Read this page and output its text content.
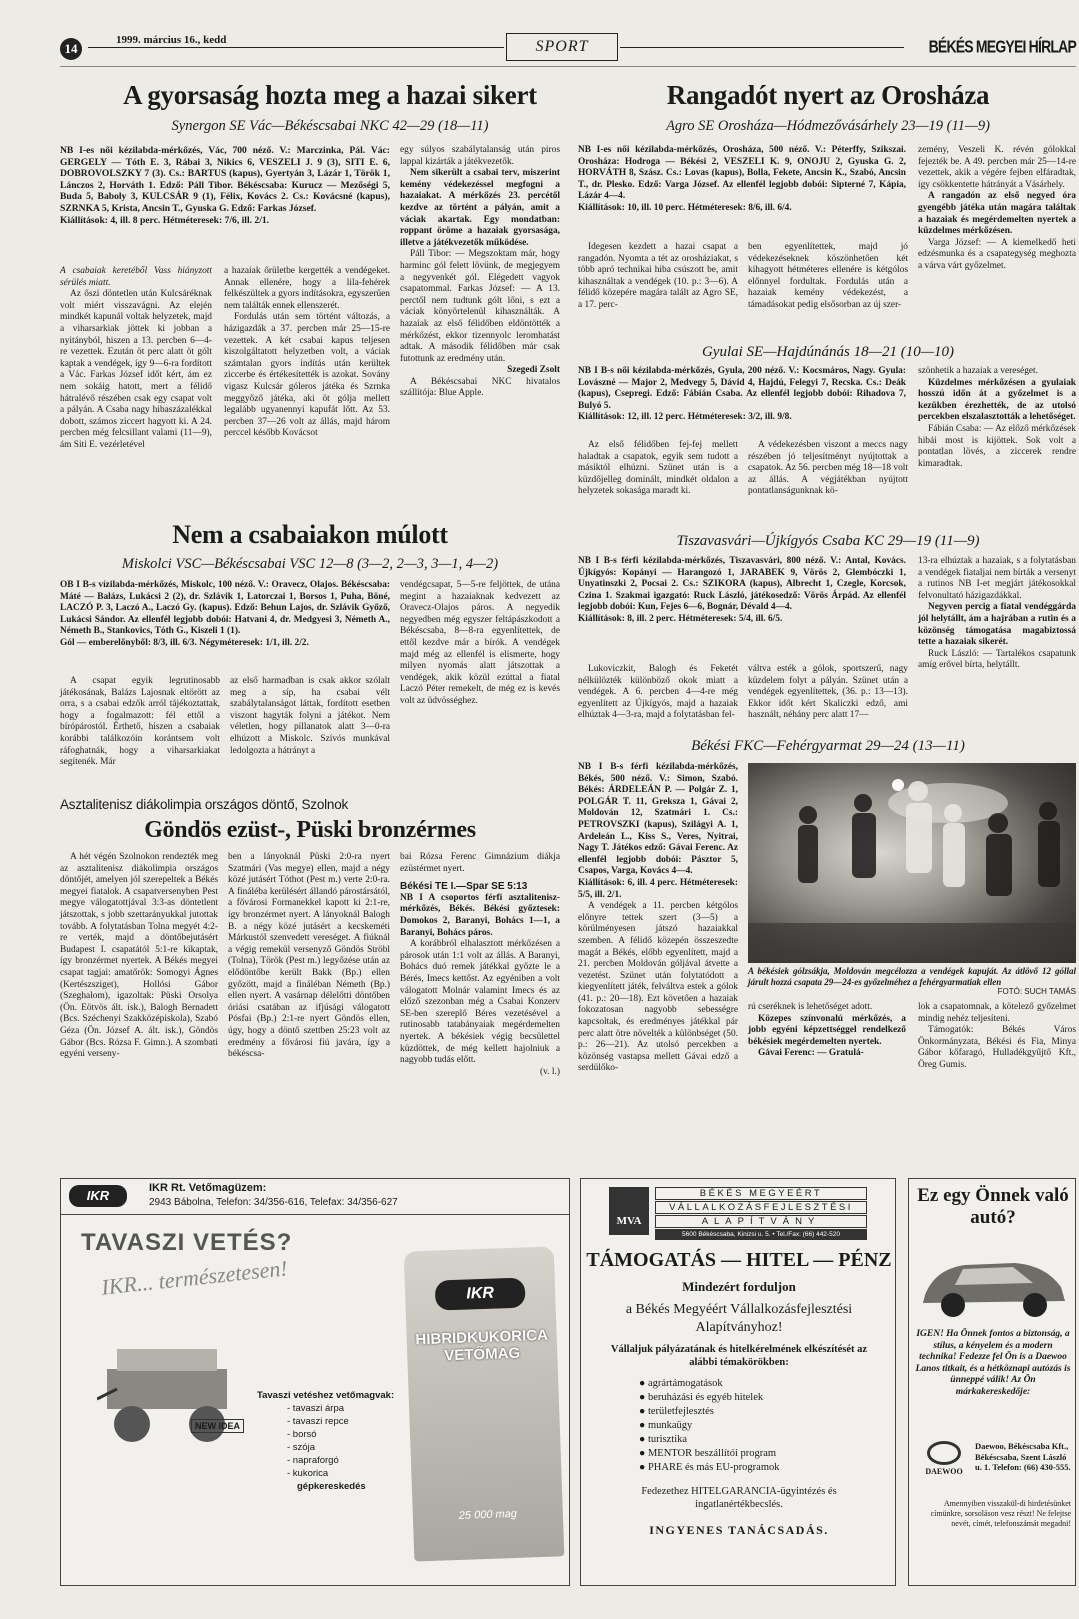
14
1999. március 16., kedd	SPORT	BÉKÉS MEGYEI HÍRLAP
A gyorsaság hozta meg a hazai sikert
Synergon SE Vác—Békéscsabai NKC 42—29 (18—11)

NB I-es női kézilabda-mérkőzés, Vác, 700 néző. V.: Marczinka, Pál. Vác: GERGELY — Tóth E. 3, Rábai 3, Nikics 6, VESZELI J. 9 (3), SITI E. 6, DOBROVOLSZKY 7 (3). Cs.: BARTUS (kapus), Gyertyán 3, Lázár 1, Török 1, Lánczos 2, Horváth 1. Edző: Páll Tibor. Békéscsaba: Kurucz — Mezőségi 5, Buda 5, Baboly 3, KULCSÁR 9 (1), Félix, Kovács 2. Cs.: Kovácsné (kapus), SZRNKA 5, Krista, Ancsin T., Gyuska G. Edző: Farkas József.

Kiállítások: 4, ill. 8 perc. Hétméteresek: 7/6, ill. 2/1.

A csabaiak keretéből Vass hiányzott sérülés miatt.

Az őszi döntetlen után Kulcsáréknak volt miért visszavágni. Az elején mindkét kapunál voltak helyzetek, majd a viharsarkiak jöttek ki jobban a nyitányból, hiszen a 13. percben 6—4-re vezettek. Ezután öt perc alatt öt gólt kaptak a vendégek, így 9—6-ra fordított a Vác. Farkas József időt kért, ám ez nem sokáig hatott, mert a félidő hátralévő részében csak egy csapat volt a pályán. A Csaba nagy hibaszázalékkal dobott, számos ziccert hagyott ki. A 24. percben még felcsillant valami (11—9), ám Siti E. vezérletével

a hazaiak őrületbe kergették a vendégeket. Annak ellenére, hogy a lila-fehérek felkészültek a gyors indításokra, egyszerűen nem találták ennek ellenszerét.

Fordulás után sem történt változás, a házigazdák a 37. percben már 25—15-re vezettek. A két csabai kapus teljesen kiszolgáltatott helyzetben volt, a váciak számtalan gyors indítás után kerültek ziccerbe és értékesítették is azokat. Sovány vigasz Kulcsár góleros játéka és Szrnka meggyőző játéka, aki öt gólja mellett legalább ugyanennyi kapufát lőtt. Az 53. percben 37—26 volt az állás, majd három perccel később Kovácsot

egy súlyos szabálytalanság után piros lappal kizárták a játékvezetők.

Nem sikerült a csabai terv, miszerint kemény védekezéssel megfogni a hazaiakat. A mérkőzés 23. percétől kezdve az történt a pályán, amit a váciak akartak. Egy mondatban: roppant öröme a hazaiak gyorsasága, illetve a játékvezetők működése.

Páll Tibor: — Megszoktam már, hogy harminc gól felett lövünk, de megjegyem a negyvenkét gól. Elégedett vagyok csapatommal. Farkas József: — A 13. perctől nem tudtunk gólt lőni, s ezt a váciak könyörtelenül kihasználták. A hazaiak az első félidőben eldöntötték a mérkőzést, ekkor tizennyolc leromhatást adtak. A második félidőben már csak futottunk az eredmény után.

Szegedi Zsolt

A Békéscsabai NKC hivatalos szállítója: Blue Apple.

Rangadót nyert az Orosháza
Agro SE Orosháza—Hódmezővásárhely 23—19 (11—9)

NB I-es női kézilabda-mérkőzés, Orosháza, 500 néző. V.: Péterffy, Szikszai. Orosháza: Hodroga — Békési 2, VESZELI K. 9, ONOJU 2, Gyuska G. 2, HORVÁTH 8, Szász. Cs.: Lovas (kapus), Bolla, Fekete, Ancsin K., Szabó, Ancsin T., dr. Plesko. Edző: Varga József. Az ellenfél legjobb dobói: Sipterné 7, Kápia, Lázár 4—4.

Kiállítások: 10, ill. 10 perc. Hétméteresek: 8/6, ill. 6/4.

Idegesen kezdett a hazai csapat a rangadón. Nyomta a tét az orosháziakat, s több apró technikai hiba csúszott be, amit kihasználtak a vendégek (10. p.: 3—6). A félidő közepére magára talált az Agro SE, a 17. perc-

ben egyenlítettek, majd jó védekezéseknek köszönhetően két kihagyott hétméteres ellenére is kétgólos előnnyel fordultak. Fordulás után a hazaiak kemény védekezést, a támadásokat pedig elsősorban az új szer-

zemény, Veszeli K. révén gólokkal fejezték be. A 49. percben már 25—14-re vezettek, akik a végére fejben elfáradtak, így csökkentette hátrányát a Vásárhely.

A rangadón az első negyed óra gyengébb játéka után magára találtak a hazaiak és megérdemelten nyertek a küzdelmes mérkőzésen.

Varga József: — A kiemelkedő heti edzésmunka és a csapategység meghozta a várva várt győzelmet.

Gyulai SE—Hajdúnánás 18—21 (10—10)

NB I B-s női kézilabda-mérkőzés, Gyula, 200 néző. V.: Kocsmáros, Nagy. Gyula: Lovászné — Major 2, Medvegy 5, Dávid 4, Hajdú, Felegyi 7, Recska. Cs.: Deák (kapus), Csepregi. Edző: Fábián Csaba. Az ellenfél legjobb dobói: Rihadova 7, Bulyó 5.

Kiállítások: 12, ill. 12 perc. Hétméteresek: 3/2, ill. 9/8.

Az első félidőben fej-fej mellett haladtak a csapatok, egyik sem tudott a másiktól elhúzni. Szünet után is a küzdőjelleg dominált, mindkét oldalon a helyzetek sokasága maradt ki.

A védekezésben viszont a meccs nagy részében jó teljesítményt nyújtottak a csapatok. Az 56. percben még 18—18 volt az állás. A végjátékban nyújtott pontatlanságunknak kö-

szönhetik a hazaiak a vereséget.

Küzdelmes mérkőzésen a gyulaiak hosszú időn át a győzelmet is a kezükben érezhették, de az utolsó percekben elszalasztották a lehetőséget.

Fábián Csaba: — Az előző mérkőzések hibái most is kijöttek. Sok volt a pontatlan lövés, a ziccerek rendre kimaradtak.

Nem a csabaiakon múlott
Miskolci VSC—Békéscsabai VSC 12—8 (3—2, 2—3, 3—1, 4—2)

OB I B-s vízilabda-mérkőzés, Miskolc, 100 néző. V.: Oravecz, Olajos. Békéscsaba: Máté — Balázs, Lukácsi 2 (2), dr. Szlávik 1, Latorczai 1, Borsos 1, Puha, Böné, LACZÓ P. 3, Laczó A., Laczó Gy. (kapus). Edző: Behun Lajos, dr. Szlávik Győző, Lukácsi Sándor. Az ellenfél legjobb dobói: Hatvani 4, dr. Medgyesi 3, Németh A., Németh B., Stankovics, Tóth G., Kiszeli 1 (1).

Gól — emberelőnyből: 8/3, ill. 6/3. Négyméteresek: 1/1, ill. 2/2.

A csapat egyik legrutinosabb játékosának, Balázs Lajosnak eltörött az orra, s a csabai edzők arról tájékoztattak, hogy a fogalmazott: fél ettől a bírópárostól. Érthető, hiszen a csabaiak korábbi találkozóin korántsem volt ráfoghatnák, hogy a viharsarkiakat segítenék. Már

az első harmadban is csak akkor szólalt meg a síp, ha csabai vélt szabálytalanságot láttak, fordított esetben viszont hagyták folyni a játékot. Nem véletlen, hogy pillanatok alatt 3—0-ra elhúzott a Miskolc. Szívós munkával ledolgozta a hátrányt a

vendégcsapat, 5—5-re feljöttek, de utána megint a hazaiaknak kedvezett az Oravecz-Olajos páros. A negyedik negyedben még egyszer feltápászkodott a Békéscsaba, 8—8-ra egyenlítettek, de ettől kezdve már a bírók. A vendégek majd még az ellenfél is elismerte, hogy milyen nyomás alatt játszottak a vendégek, akik közül ezúttal a fiatal Laczó Péter remekelt, de még ez is kevés volt az üdvösséghez.

Tiszavasvári—Újkígyós Csaba KC 29—19 (11—9)

NB I B-s férfi kézilabda-mérkőzés, Tiszavasvári, 800 néző. V.: Antal, Kovács. Újkígyós: Kopányi — Harangozó 1, JARABEK 9, Vörös 2, Glembóczki 1, Unyatinszki 2, Pocsai 2. Cs.: SZIKORA (kapus), Albrecht 1, Czegle, Korcsok, Czina 1. Szakmai igazgató: Ruck László, játékosedző: Vörös Árpád. Az ellenfél legjobb dobói: Kun, Fejes 6—6, Bognár, Dévald 4—4.

Kiállítások: 8, ill. 2 perc. Hétméteresek: 5/4, ill. 6/5.

Lukoviczkit, Balogh és Feketét nélkülözték különböző okok miatt a vendégek. A 6. percben 4—4-re még egyenlített az Újkígyós, majd a hazaiak elhúztak 4—3-ra, majd a folytatásban fel-

váltva esték a gólok, sportszerű, nagy küzdelem folyt a pályán. Szünet után a vendégek egyenlítettek, (36. p.: 13—13). Ekkor időt kért Skaliczki edző, ami használt, néhány perc alatt 17—

13-ra elhúztak a hazaiak, s a folytatásban a vendégek fiataljai nem bírták a versenyt a rutinos NB I-et megjárt játékosokkal felvonultató házigazdákkal.

Negyven percig a fiatal vendéggárda jól helytállt, ám a hajrában a rutin és a közönség támogatása magabiztossá tette a hazaiak sikerét.

Ruck László: — Tartalékos csapatunk amíg erővel bírta, helytállt.

Asztalitenisz diákolimpia országos döntő, Szolnok
Göndös ezüst-, Püski bronzérmes

A hét végén Szolnokon rendezték meg az asztalitenisz diákolimpia országos döntőjét, amelyen jól szerepeltek a Békés megyei fiatalok. A csapatversenyben Pest megye válogatottjával 3:3-as döntetlent játszottak, s jobb szettarányukkal jutottak tovább. A folytatásban Tolna megyét 4:2-re verték, majd a döntőbejutásért Budapest I. csapatától 5:1-re kikaptak, így bronzérmet nyertek. A Békés megyei csapat tagjai: amatőrök: Somogyi Ágnes (Kertészsziget), Hollósi Gábor (Szeghalom), igazoltak: Püski Orsolya (Ön. Eötvös ált. isk.), Balogh Bernadett (Bcs. Széchenyi Szakközépiskola), Szabó Géza (Ön. József A. ált. isk.), Göndös Gábor (Bcs. Rózsa F. Gimn.). A szombati egyéni verseny-

ben a lányoknál Püski 2:0-ra nyert Szatmári (Vas megye) ellen, majd a négy közé jutásért Tóthot (Pest m.) verte 2:0-ra. A fináléba kerülésért állandó párostársától, a fővárosi Formanekkel kapott ki 2:1-re, így bronzérmet nyert. A lányoknál Balogh B. a négy közé jutásért a kecskeméti Márkustól szenvedett vereséget. A fiúknál a végig remekül versenyző Göndös Ströbl (Tolna), Török (Pest m.) legyőzése után az elődöntőbe került Bakk (Bp.) ellen győzött, majd a fináléban Németh (Bp.) ellen nyert. A vasárnap délelőtti döntőben óriási csatában az ifjúsági válogatott Pósfai (Bp.) 2:1-re nyert Göndös ellen, úgy, hogy a döntő szettben 25:23 volt az eredmény a fővárosi fiú javára, így a békéscsa-

bai Rózsa Ferenc Gimnázium diákja ezüstérmet nyert.

Békési TE I.—Spar SE 5:13

NB I A csoportos férfi asztalitenisz-mérkőzés, Békés. Békési győztesek: Domokos 2, Baranyi, Bohács 1—1, a Baranyi, Bohács páros.

A korábbról elhalasztott mérkőzésen a párosok után 1:1 volt az állás. A Baranyi, Bohács duó remek játékkal győzte le a Bérés, Imecs kettőst. Az egyéniben a volt válogatott Molnár valamint Imecs és az előző szezonban még a Csabai Konzerv SE-ben szereplő Béres vezetésével a rutinosabb tatabányaiak megérdemelten nyertek. A békésiek végig becsülettel küzdöttek, de még kellett hajolniuk a nagyobb tudás előtt.

(v. l.)

Békési FKC—Fehérgyarmat 29—24 (13—11)

NB I B-s férfi kézilabda-mérkőzés, Békés, 500 néző. V.: Simon, Szabó. Békés: ÁRDELEÁN P. — Polgár Z. 1, POLGÁR T. 11, Greksza 1, Gávai 2, Moldován 12, Szatmári 1. Cs.: PETROVSZKI (kapus), Szilágyi A. 1, Ardeleán L., Kiss S., Veres, Nyitrai, Nagy T. Játékos edző: Gávai Ferenc. Az ellenfél legjobb dobói: Pásztor 5, Csapos, Varga, Kovács 4—4.

Kiállítások: 6, ill. 4 perc. Hétméteresek: 5/5, ill. 2/1.

A vendégek a 11. percben kétgólos előnyre tettek szert (3—5) a körülményesen játszó hazaiakkal szemben. A félidő közepén összeszedte magát a Békés, előbb egyenlített, majd a 21. percben Moldován góljával átvette a vezetést. Szünet után folytatódott a kiegyenlített játék, felváltva estek a gólok (41. p.: 20—18). Ezt követően a hazaiak fokozatosan nagyobb sebességre kapcsoltak, és eredményes játékkal pár perc alatt ötre növelték a különbséget (50. p.: 26—21). Az utolsó percekben a közönség vastapsa mellett Gávai edző a serdülőko-

A békésiek gólzsákja, Moldován megcélozza a vendégek kapuját. Az átlövő 12 góllal járult hozzá csapata 29—24-es győzelméhez a fehérgyarmatiak ellen

FOTÓ: SUCH TAMÁS

rú cseréknek is lehetőséget adott.

Közepes színvonalú mérkőzés, a jobb egyéni képzettséggel rendelkező békésiek megérdemelten nyertek.

Gávai Ferenc: — Gratulá-

lok a csapatomnak, a kötelező győzelmet mindig nehéz teljesíteni.

Támogatók: Békés Város Önkormányzata, Békési és Fia, Minya Gábor kőfaragó, Hulladékgyűjtő Kft., Öreg Gumis.

IKR	IKR Rt. Vetőmagüzem:
2943 Bábolna, Telefon: 34/356-616, Telefax: 34/356-627
TAVASZI VETÉS?
IKR... természetesen!
NEW IDEA
Tavaszi vetéshez vetőmagvak:
- tavaszi árpa
- tavaszi repce
- borsó
- szója
- napraforgó
- kukorica
gépkereskedés
IKR
HIBRIDKUKORICA VETŐMAG
25 000 mag
MVA
BÉKÉS MEGYEÉRT
VÁLLALKOZÁSFEJLESZTÉSI
ALAPÍTVÁNY
5600 Békéscsaba, Kinizsi u. 5. • Tel./Fax: (66) 442-520
TÁMOGATÁS — HITEL — PÉNZ
Mindezért forduljon
a Békés Megyéért Vállalkozásfejlesztési Alapítványhoz!
Vállaljuk pályázatának és hitelkérelmének elkészítését az alábbi témakörökben:
● agrártámogatások
● beruházási és egyéb hitelek
● területfejlesztés
● munkaügy
● turisztika
● MENTOR beszállítói program
● PHARE és más EU-programok
Fedezethez HITELGARANCIA-ügyintézés és ingatlanértékbecslés.
INGYENES TANÁCSADÁS.
Ez egy Önnek való autó?
IGEN! Ha Önnek fontos a biztonság, a stílus, a kényelem és a modern technika! Fedezze fel Ön is a Daewoo Lanos titkait, és a hétköznapi autózás is ünneppé válik! Az Ön márkakereskedője:
DAEWOO
Daewoo, Békéscsaba Kft., Békéscsaba, Szent László u. 1. Telefon: (66) 430-555.
Amennyiben visszakül-di hirdetésünket címünkre, sorsoláson vesz részt! Ne felejtse nevét, címét, telefonszámát megadni!
